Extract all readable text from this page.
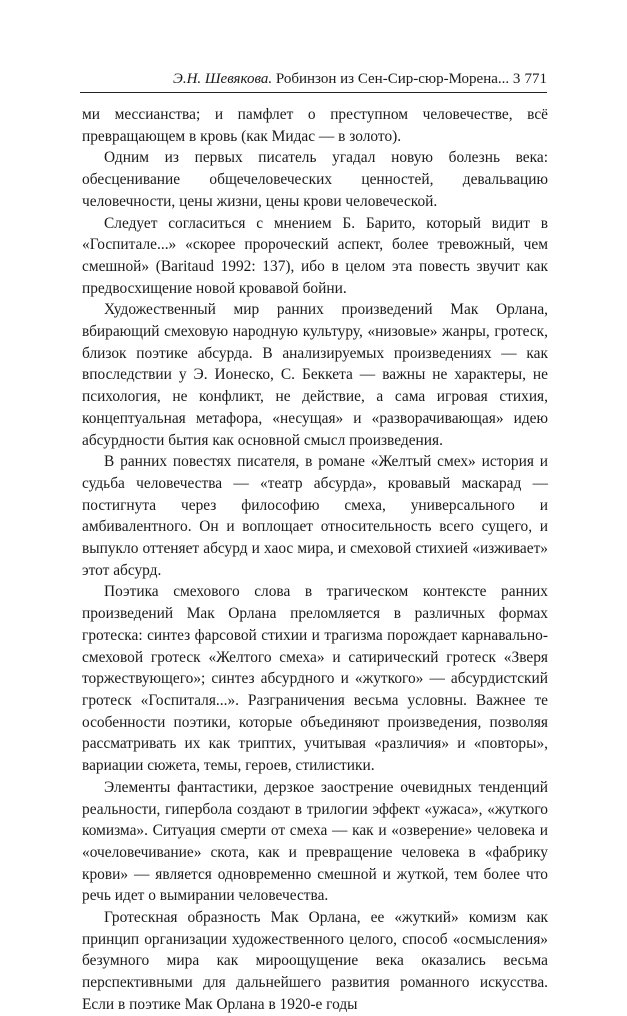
Э.Н. Шевякова. Робинзон из Сен-Сир-сюр-Морена... 3 771

ми мессианства; и памфлет о преступном человечестве, всё превращающем в кровь (как Мидас — в золото).

Одним из первых писатель угадал новую болезнь века: обесценивание общечеловеческих ценностей, девальвацию человечности, цены жизни, цены крови человеческой.

Следует согласиться с мнением Б. Барито, который видит в «Госпитале...» «скорее пророческий аспект, более тревожный, чем смешной» (Baritaud 1992: 137), ибо в целом эта повесть звучит как предвосхищение новой кровавой бойни.

Художественный мир ранних произведений Мак Орлана, вбирающий смеховую народную культуру, «низовые» жанры, гротеск, близок поэтике абсурда. В анализируемых произведениях — как впоследствии у Э. Ионеско, С. Беккета — важны не характеры, не психология, не конфликт, не действие, а сама игровая стихия, концептуальная метафора, «несущая» и «разворачивающая» идею абсурдности бытия как основной смысл произведения.

В ранних повестях писателя, в романе «Желтый смех» история и судьба человечества — «театр абсурда», кровавый маскарад — постигнута через философию смеха, универсального и амбивалентного. Он и воплощает относительность всего сущего, и выпукло оттеняет абсурд и хаос мира, и смеховой стихией «изживает» этот абсурд.

Поэтика смехового слова в трагическом контексте ранних произведений Мак Орлана преломляется в различных формах гротеска: синтез фарсовой стихии и трагизма порождает карнавально-смеховой гротеск «Желтого смеха» и сатирический гротеск «Зверя торжествующего»; синтез абсурдного и «жуткого» — абсурдистский гротеск «Госпиталя...». Разграничения весьма условны. Важнее те особенности поэтики, которые объединяют произведения, позволяя рассматривать их как триптих, учитывая «различия» и «повторы», вариации сюжета, темы, героев, стилистики.

Элементы фантастики, дерзкое заострение очевидных тенденций реальности, гипербола создают в трилогии эффект «ужаса», «жуткого комизма». Ситуация смерти от смеха — как и «озверение» человека и «очеловечивание» скота, как и превращение человека в «фабрику крови» — является одновременно смешной и жуткой, тем более что речь идет о вымирании человечества.

Гротескная образность Мак Орлана, ее «жуткий» комизм как принцип организации художественного целого, способ «осмысления» безумного мира как мироощущение века оказались весьма перспективными для дальнейшего развития романного искусства. Если в поэтике Мак Орлана в 1920-е годы
